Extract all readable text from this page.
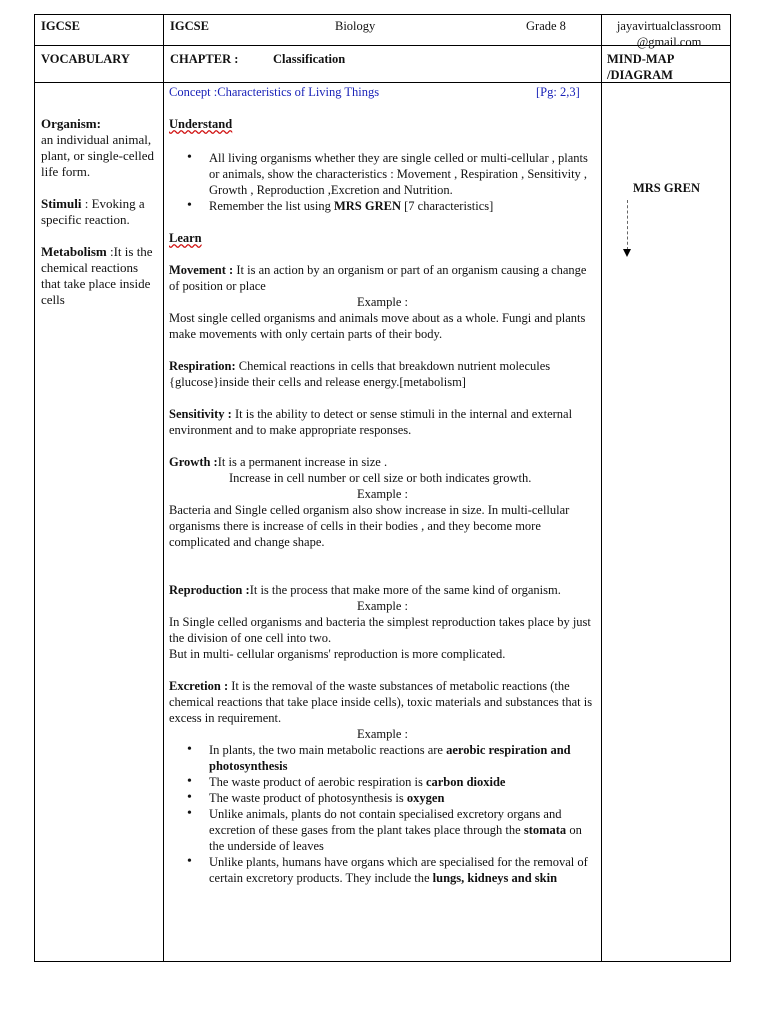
IGCSE	IGCSE	Biology	Grade 8	jayavirtualclassroom
@gmail.com
VOCABULARY	CHAPTER :	Classification	MIND-MAP
/DIAGRAM

Organism:
an individual animal, plant, or single-celled life form.

Stimuli : Evoking a specific reaction.

Metabolism :It is the chemical reactions that take place inside cells

Concept :Characteristics of Living Things	[Pg: 2,3]

Understand

• All living organisms whether they are single celled or multi-cellular , plants or animals, show the characteristics : Movement , Respiration , Sensitivity , Growth , Reproduction ,Excretion and Nutrition.
• Remember the list using MRS GREN [7 characteristics]

Learn

Movement : It is an action by an organism or part of an organism causing a change of position or place

Example :

Most single celled organisms and animals move about as a whole. Fungi and plants make movements with only certain parts of their body.

Respiration: Chemical reactions in cells that breakdown nutrient molecules {glucose}inside their cells and release energy.[metabolism]

Sensitivity : It is the ability to detect or sense stimuli in the internal and external environment and to make appropriate responses.

Growth :It is a permanent increase in size .

Increase in cell number or cell size or both indicates growth.

Example :

Bacteria and Single celled organism also show increase in size. In multi-cellular organisms there is increase of cells in their bodies , and they become more complicated and change shape.

Reproduction :It is the process that make more of the same kind of organism.

Example :

In Single celled organisms and bacteria the simplest reproduction takes place by just the division of one cell into two.

But in multi- cellular organisms' reproduction is more complicated.

Excretion : It is the removal of the waste substances of metabolic reactions (the chemical reactions that take place inside cells), toxic materials and substances that is excess in requirement.

Example :

• In plants, the two main metabolic reactions are aerobic respiration and photosynthesis
• The waste product of aerobic respiration is carbon dioxide
• The waste product of photosynthesis is oxygen
• Unlike animals, plants do not contain specialised excretory organs and excretion of these gases from the plant takes place through the stomata on the underside of leaves
• Unlike plants, humans have organs which are specialised for the removal of certain excretory products. They include the lungs, kidneys and skin
MRS GREN
